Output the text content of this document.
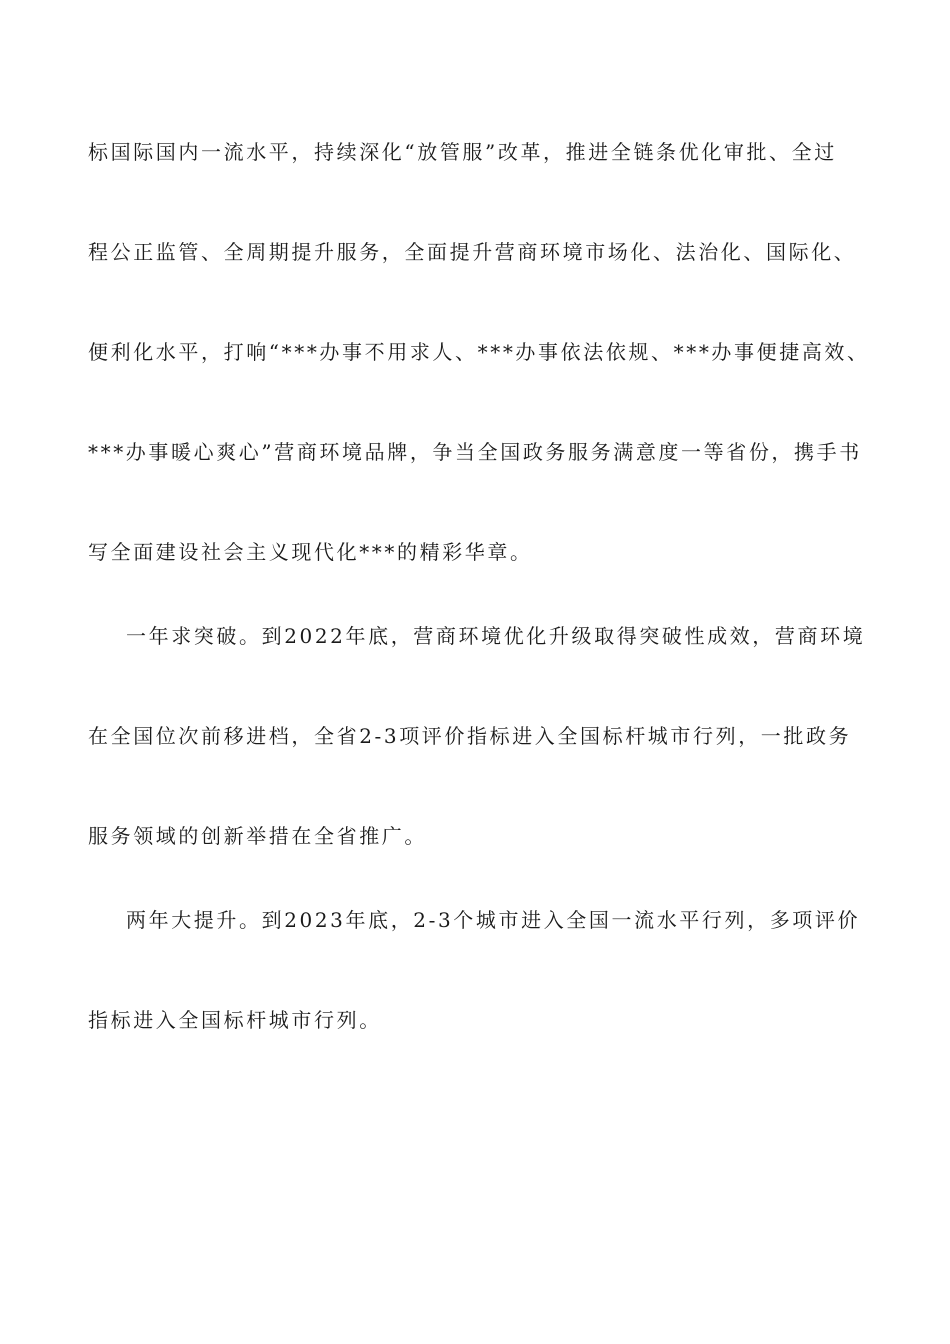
标国际国内一流水平，持续深化“放管服”改革，推进全链条优化审批、全过
程公正监管、全周期提升服务，全面提升营商环境市场化、法治化、国际化、
便利化水平，打响“***办事不用求人、***办事依法依规、***办事便捷高效、
***办事暖心爽心”营商环境品牌，争当全国政务服务满意度一等省份，携手书
写全面建设社会主义现代化***的精彩华章。
一年求突破。到2022年底，营商环境优化升级取得突破性成效，营商环境
在全国位次前移进档，全省2-3项评价指标进入全国标杆城市行列，一批政务
服务领域的创新举措在全省推广。
两年大提升。到2023年底，2-3个城市进入全国一流水平行列，多项评价
指标进入全国标杆城市行列。
